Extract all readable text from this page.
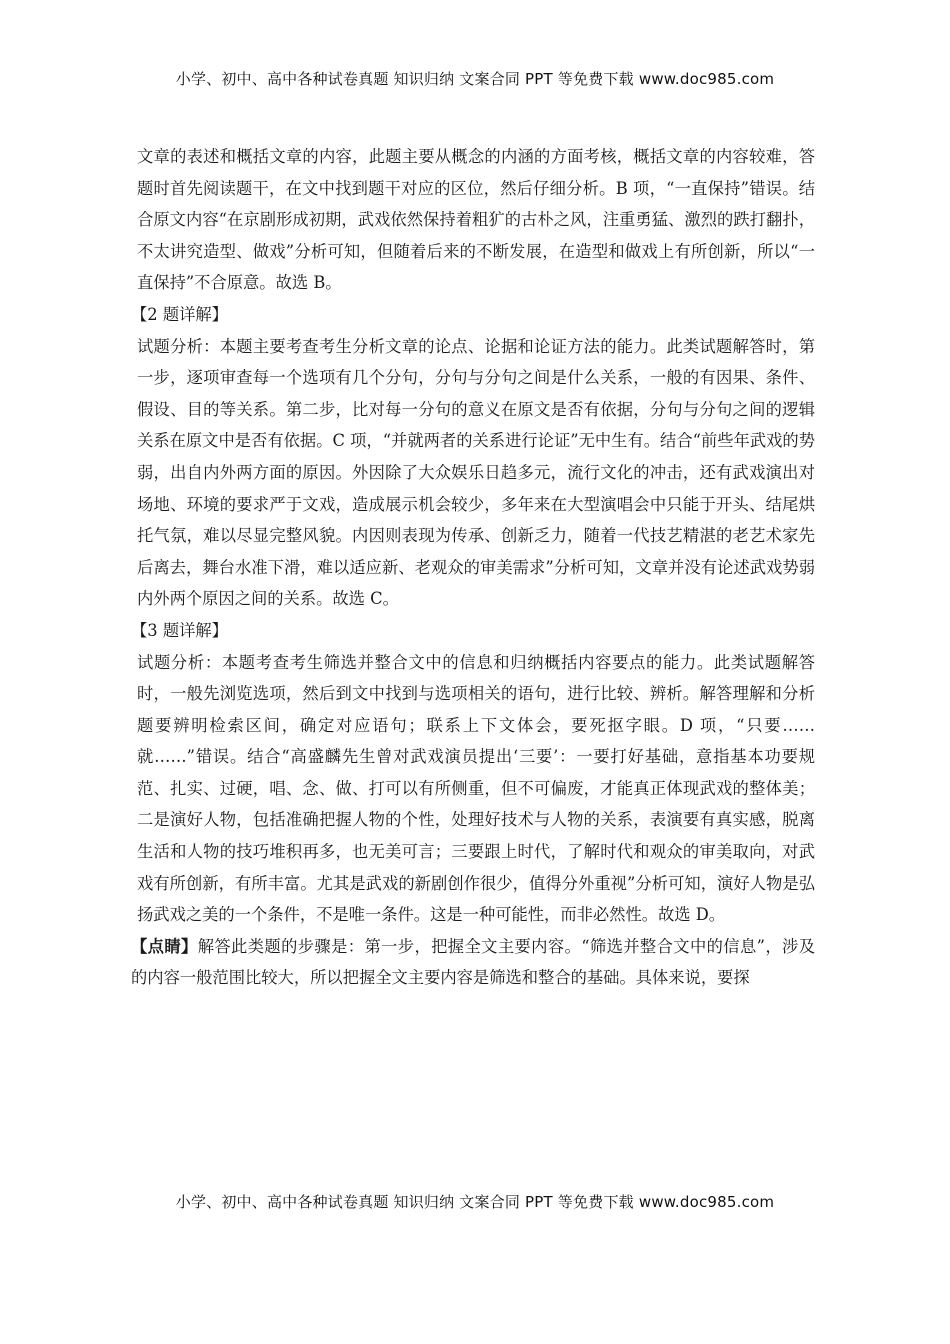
小学、初中、高中各种试卷真题 知识归纳 文案合同 PPT 等免费下载 www.doc985.com

文章的表述和概括文章的内容，此题主要从概念的内涵的方面考核，概括文章的内容较难，答题时首先阅读题干，在文中找到题干对应的区位，然后仔细分析。B 项，“一直保持”错误。结合原文内容“在京剧形成初期，武戏依然保持着粗犷的古朴之风，注重勇猛、激烈的跌打翻扑，不太讲究造型、做戏”分析可知，但随着后来的不断发展，在造型和做戏上有所创新，所以“一直保持”不合原意。故选 B。

【2 题详解】

试题分析：本题主要考查考生分析文章的论点、论据和论证方法的能力。此类试题解答时，第一步，逐项审查每一个选项有几个分句，分句与分句之间是什么关系，一般的有因果、条件、假设、目的等关系。第二步，比对每一分句的意义在原文是否有依据，分句与分句之间的逻辑关系在原文中是否有依据。C 项，“并就两者的关系进行论证”无中生有。结合“前些年武戏的势弱，出自内外两方面的原因。外因除了大众娱乐日趋多元，流行文化的冲击，还有武戏演出对场地、环境的要求严于文戏，造成展示机会较少，多年来在大型演唱会中只能于开头、结尾烘托气氛，难以尽显完整风貌。内因则表现为传承、创新乏力，随着一代技艺精湛的老艺术家先后离去，舞台水准下滑，难以适应新、老观众的审美需求”分析可知，文章并没有论述武戏势弱内外两个原因之间的关系。故选 C。

【3 题详解】

试题分析：本题考查考生筛选并整合文中的信息和归纳概括内容要点的能力。此类试题解答时，一般先浏览选项，然后到文中找到与选项相关的语句，进行比较、辨析。解答理解和分析题要辨明检索区间，确定对应语句；联系上下文体会，要死抠字眼。D 项，“只要……就……”错误。结合“高盛麟先生曾对武戏演员提出‘三要’：一要打好基础，意指基本功要规范、扎实、过硬，唱、念、做、打可以有所侧重，但不可偏废，才能真正体现武戏的整体美；二是演好人物，包括准确把握人物的个性，处理好技术与人物的关系，表演要有真实感，脱离生活和人物的技巧堆积再多，也无美可言；三要跟上时代，了解时代和观众的审美取向，对武戏有所创新，有所丰富。尤其是武戏的新剧创作很少，值得分外重视”分析可知，演好人物是弘扬武戏之美的一个条件，不是唯一条件。这是一种可能性，而非必然性。故选 D。

【点睛】解答此类题的步骤是：第一步，把握全文主要内容。“筛选并整合文中的信息”，涉及的内容一般范围比较大，所以把握全文主要内容是筛选和整合的基础。具体来说，要探

小学、初中、高中各种试卷真题 知识归纳 文案合同 PPT 等免费下载 www.doc985.com
